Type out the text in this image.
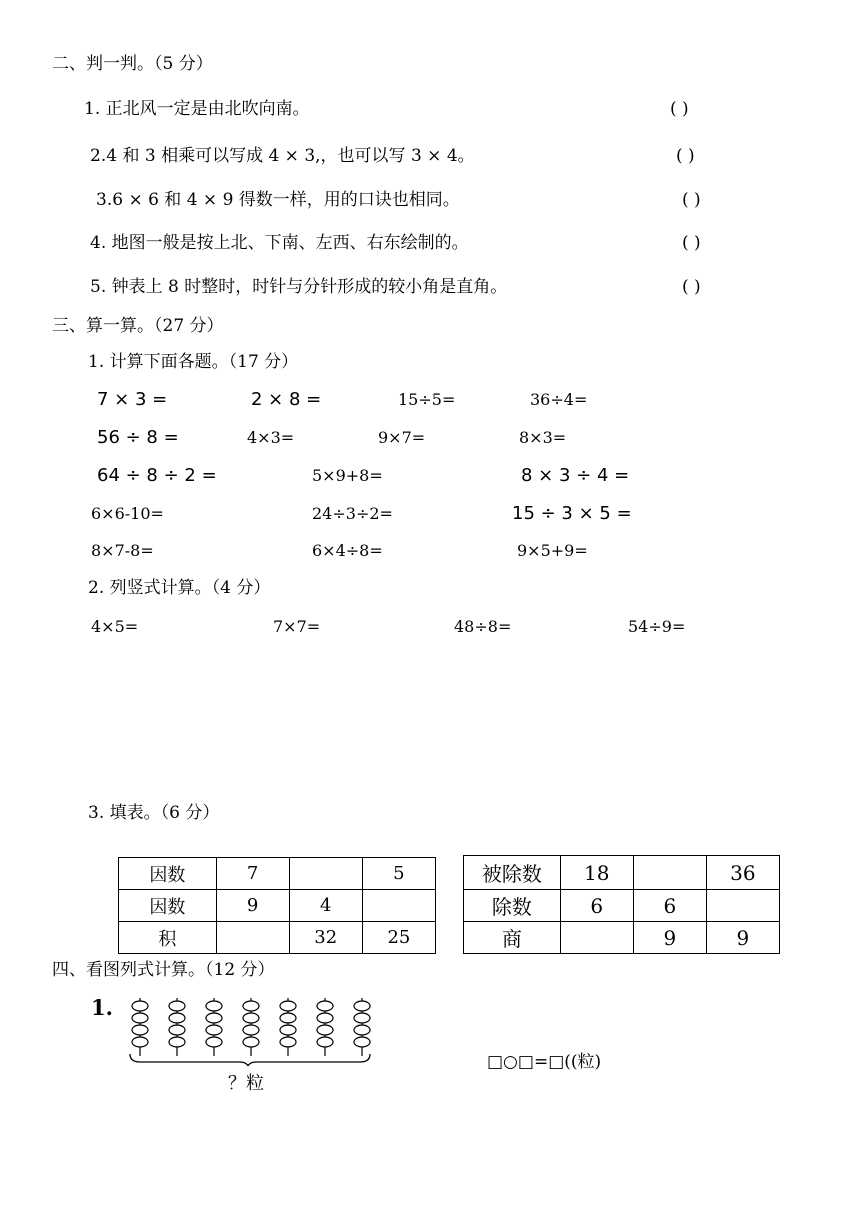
二、判一判。（5 分）
1. 正北风一定是由北吹向南。	( )
2.4 和 3 相乘可以写成 4 × 3,，也可以写 3 × 4。	( )
3.6 × 6 和 4 × 9 得数一样，用的口诀也相同。	( )
4. 地图一般是按上北、下南、左西、右东绘制的。	( )
5. 钟表上 8 时整时，时针与分针形成的较小角是直角。	( )
三、算一算。（27 分）
1. 计算下面各题。（17 分）
7 × 3 =	2 × 8 =	15÷5=	36÷4=
56 ÷ 8 =	4×3=	9×7=	8×3=
64 ÷ 8 ÷ 2 =	5×9+8=	8 × 3 ÷ 4 =
6×6-10=	24÷3÷2=	15 ÷ 3 × 5 =
8×7-8=	6×4÷8=	9×5+9=
2. 列竖式计算。（4 分）
4×5=	7×7=	48÷8=	54÷9=
3. 填表。（6 分）
因数	7		5
因数	9	4	
积		32	25
被除数	18		36
除数	6	6	
商		9	9
四、看图列式计算。（12 分）
1.
？粒
□○□=□((粒)
